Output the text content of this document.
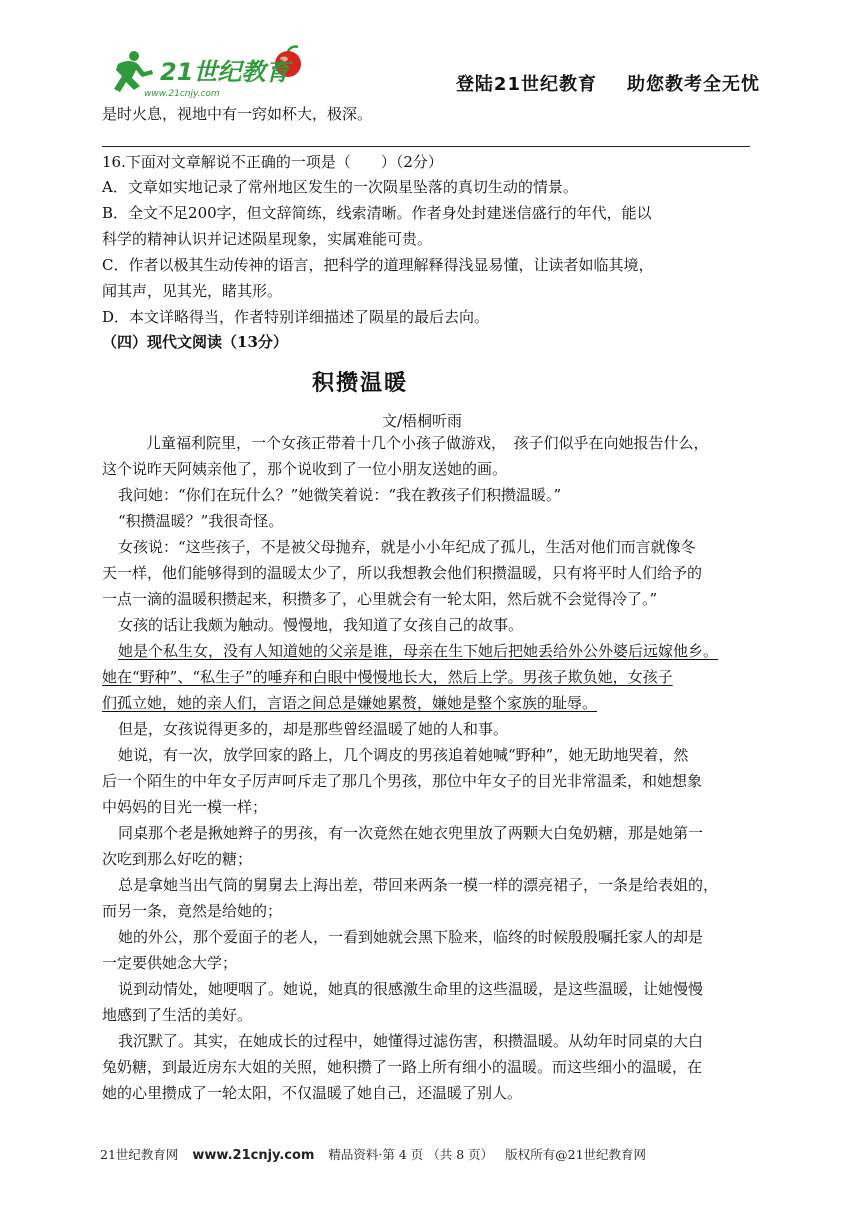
21世纪教育
www.21cnjy.com	登陆21世纪教育 助您教考全无忧
是时火息，视地中有一窍如杯大，极深。
16.下面对文章解说不正确的一项是（　　）（2分）
A．文章如实地记录了常州地区发生的一次陨星坠落的真切生动的情景。
B．全文不足200字，但文辞简练，线索清晰。作者身处封建迷信盛行的年代，能以
科学的精神认识并记述陨星现象，实属难能可贵。
C．作者以极其生动传神的语言，把科学的道理解释得浅显易懂，让读者如临其境，
闻其声，见其光，睹其形。
D．本文详略得当，作者特别详细描述了陨星的最后去向。
（四）现代文阅读（13分）
积攒温暖
文/梧桐听雨
儿童福利院里，一个女孩正带着十几个小孩子做游戏，　孩子们似乎在向她报告什么，
这个说昨天阿姨亲他了，那个说收到了一位小朋友送她的画。
我问她：“你们在玩什么？”她微笑着说：“我在教孩子们积攒温暖。”
“积攒温暖？”我很奇怪。
女孩说：“这些孩子，不是被父母抛弃，就是小小年纪成了孤儿，生活对他们而言就像冬
天一样，他们能够得到的温暖太少了，所以我想教会他们积攒温暖，只有将平时人们给予的
一点一滴的温暖积攒起来，积攒多了，心里就会有一轮太阳，然后就不会觉得冷了。”
女孩的话让我颇为触动。慢慢地，我知道了女孩自己的故事。
她是个私生女，没有人知道她的父亲是谁，母亲在生下她后把她丢给外公外婆后远嫁他乡。
她在“野种”、“私生子”的唾弃和白眼中慢慢地长大，然后上学。男孩子欺负她，女孩子
们孤立她，她的亲人们，言语之间总是嫌她累赘，嫌她是整个家族的耻辱。
但是，女孩说得更多的，却是那些曾经温暖了她的人和事。
她说，有一次，放学回家的路上，几个调皮的男孩追着她喊“野种”，她无助地哭着，然
后一个陌生的中年女子厉声呵斥走了那几个男孩，那位中年女子的目光非常温柔，和她想象
中妈妈的目光一模一样；
同桌那个老是揪她辫子的男孩，有一次竟然在她衣兜里放了两颗大白兔奶糖，那是她第一
次吃到那么好吃的糖；
总是拿她当出气筒的舅舅去上海出差，带回来两条一模一样的漂亮裙子，一条是给表姐的，
而另一条，竟然是给她的；
她的外公，那个爱面子的老人，一看到她就会黑下脸来，临终的时候殷殷嘱托家人的却是
一定要供她念大学；
说到动情处，她哽咽了。她说，她真的很感激生命里的这些温暖，是这些温暖，让她慢慢
地感到了生活的美好。
我沉默了。其实，在她成长的过程中，她懂得过滤伤害，积攒温暖。从幼年时同桌的大白
兔奶糖，到最近房东大姐的关照，她积攒了一路上所有细小的温暖。而这些细小的温暖，在
她的心里攒成了一轮太阳，不仅温暖了她自己，还温暖了别人。
21世纪教育网 www.21cnjy.com 精品资料·第 4 页 （共 8 页） 版权所有@21世纪教育网
